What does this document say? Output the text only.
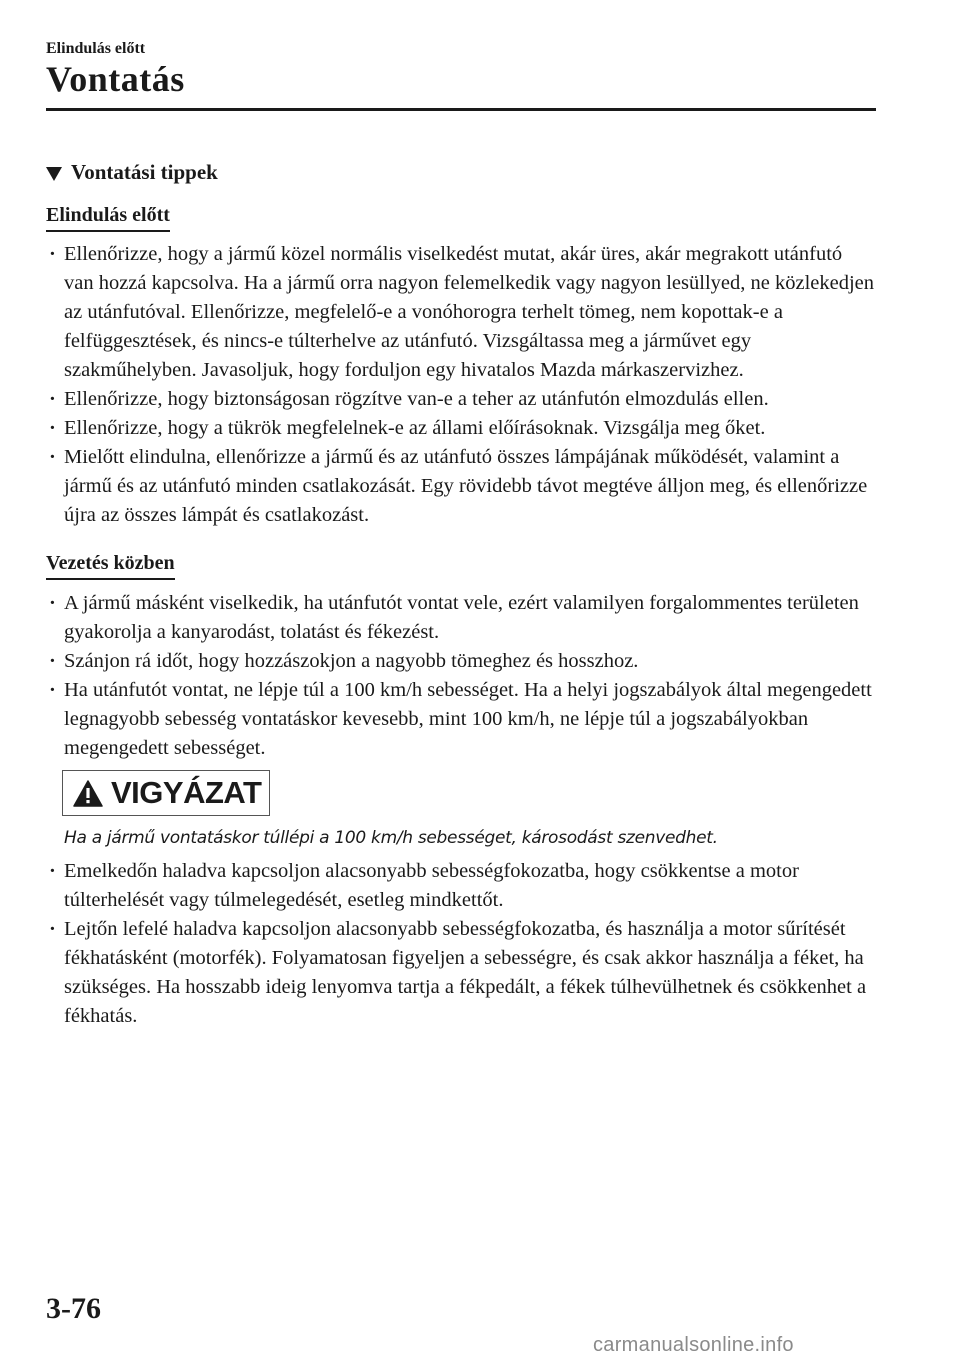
Elindulás előtt
Vontatás
Vontatási tippek
Elindulás előtt
· Ellenőrizze, hogy a jármű közel normális viselkedést mutat, akár üres, akár megrakott utánfutó van hozzá kapcsolva. Ha a jármű orra nagyon felemelkedik vagy nagyon lesüllyed, ne közlekedjen az utánfutóval. Ellenőrizze, megfelelő-e a vonóhorogra terhelt tömeg, nem kopottak-e a felfüggesztések, és nincs-e túlterhelve az utánfutó. Vizsgáltassa meg a járművet egy szakműhelyben. Javasoljuk, hogy forduljon egy hivatalos Mazda márkaszervizhez.
· Ellenőrizze, hogy biztonságosan rögzítve van-e a teher az utánfutón elmozdulás ellen.
· Ellenőrizze, hogy a tükrök megfelelnek-e az állami előírásoknak. Vizsgálja meg őket.
· Mielőtt elindulna, ellenőrizze a jármű és az utánfutó összes lámpájának működését, valamint a jármű és az utánfutó minden csatlakozását. Egy rövidebb távot megtéve álljon meg, és ellenőrizze újra az összes lámpát és csatlakozást.
Vezetés közben
· A jármű másként viselkedik, ha utánfutót vontat vele, ezért valamilyen forgalommentes területen gyakorolja a kanyarodást, tolatást és fékezést.
· Szánjon rá időt, hogy hozzászokjon a nagyobb tömeghez és hosszhoz.
· Ha utánfutót vontat, ne lépje túl a 100 km/h sebességet. Ha a helyi jogszabályok által megengedett legnagyobb sebesség vontatáskor kevesebb, mint 100 km/h, ne lépje túl a jogszabályokban megengedett sebességet.
VIGYÁZAT
Ha a jármű vontatáskor túllépi a 100 km/h sebességet, károsodást szenvedhet.
· Emelkedőn haladva kapcsoljon alacsonyabb sebességfokozatba, hogy csökkentse a motor túlterhelését vagy túlmelegedését, esetleg mindkettőt.
· Lejtőn lefelé haladva kapcsoljon alacsonyabb sebességfokozatba, és használja a motor sűrítését fékhatásként (motorfék). Folyamatosan figyeljen a sebességre, és csak akkor használja a féket, ha szükséges. Ha hosszabb ideig lenyomva tartja a fékpedált, a fékek túlhevülhetnek és csökkenhet a fékhatás.
3-76
carmanualsonline.info
